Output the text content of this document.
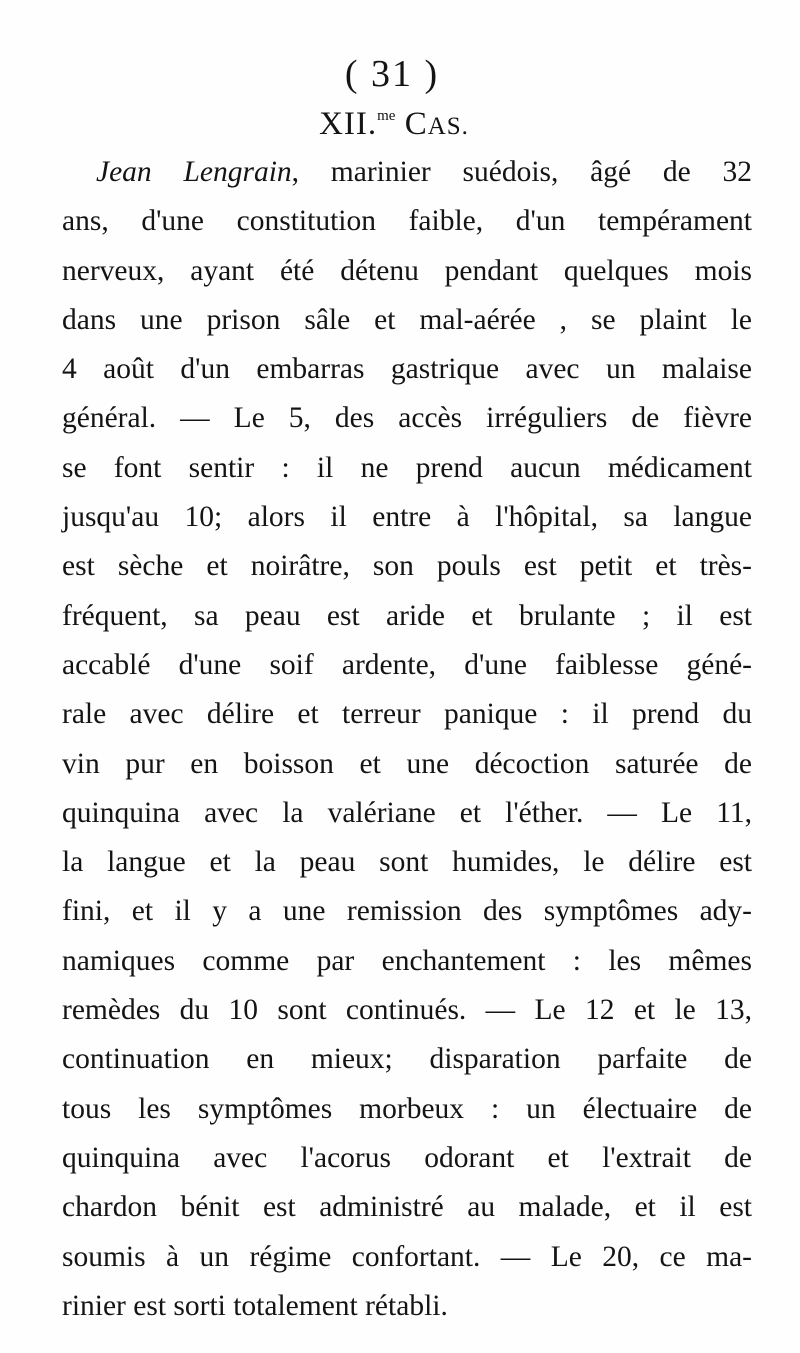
( 31 )
XII.$^{me}$ CAS.
Jean Lengrain, marinier suédois, âgé de 32
ans, d'une constitution faible, d'un tempérament
nerveux, ayant été détenu pendant quelques mois
dans une prison sâle et mal-aérée , se plaint le
4 août d'un embarras gastrique avec un malaise
général. — Le 5, des accès irréguliers de fièvre
se font sentir : il ne prend aucun médicament
jusqu'au 10; alors il entre à l'hôpital, sa langue
est sèche et noirâtre, son pouls est petit et très-
fréquent, sa peau est aride et brulante ; il est
accablé d'une soif ardente, d'une faiblesse géné-
rale avec délire et terreur panique : il prend du
vin pur en boisson et une décoction saturée de
quinquina avec la valériane et l'éther. — Le 11,
la langue et la peau sont humides, le délire est
fini, et il y a une remission des symptômes ady-
namiques comme par enchantement : les mêmes
remèdes du 10 sont continués. — Le 12 et le 13,
continuation en mieux; disparation parfaite de
tous les symptômes morbeux : un électuaire de
quinquina avec l'acorus odorant et l'extrait de
chardon bénit est administré au malade, et il est
soumis à un régime confortant. — Le 20, ce ma-
rinier est sorti totalement rétabli.
